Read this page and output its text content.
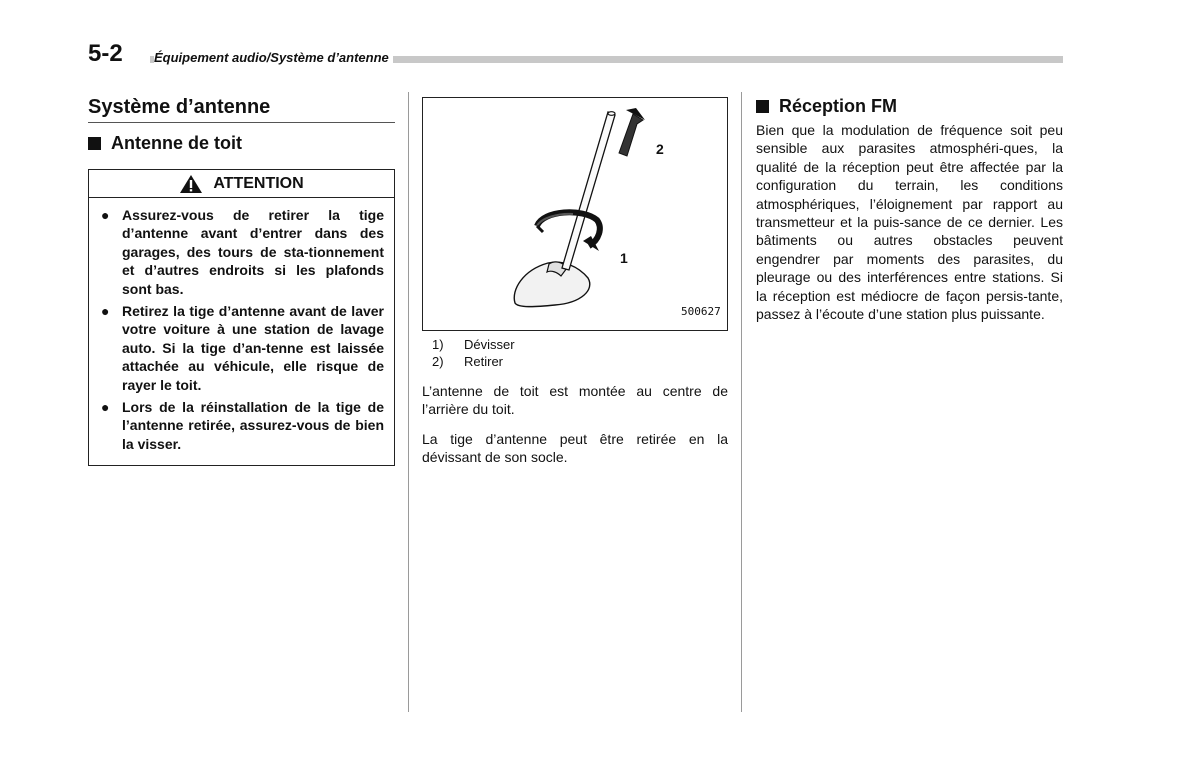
5-2 Équipement audio/Système d’antenne
Système d’antenne
Antenne de toit
ATTENTION
● Assurez-vous de retirer la tige d’antenne avant d’entrer dans des garages, des tours de sta-tionnement et d’autres endroits si les plafonds sont bas.
● Retirez la tige d’antenne avant de laver votre voiture à une station de lavage auto. Si la tige d’an-tenne est laissée attachée au véhicule, elle risque de rayer le toit.
● Lors de la réinstallation de la tige de l’antenne retirée, assurez-vous de bien la visser.
1
2
500627
1)	Dévisser
2)	Retirer
L’antenne de toit est montée au centre de l’arrière du toit.
La tige d’antenne peut être retirée en la dévissant de son socle.
Réception FM
Bien que la modulation de fréquence soit peu sensible aux parasites atmosphéri-ques, la qualité de la réception peut être affectée par la configuration du terrain, les conditions atmosphériques, l’éloignement par rapport au transmetteur et la puis-sance de ce dernier. Les bâtiments ou autres obstacles peuvent engendrer par moments des parasites, du pleurage ou des interférences entre stations. Si la réception est médiocre de façon persis-tante, passez à l’écoute d’une station plus puissante.
